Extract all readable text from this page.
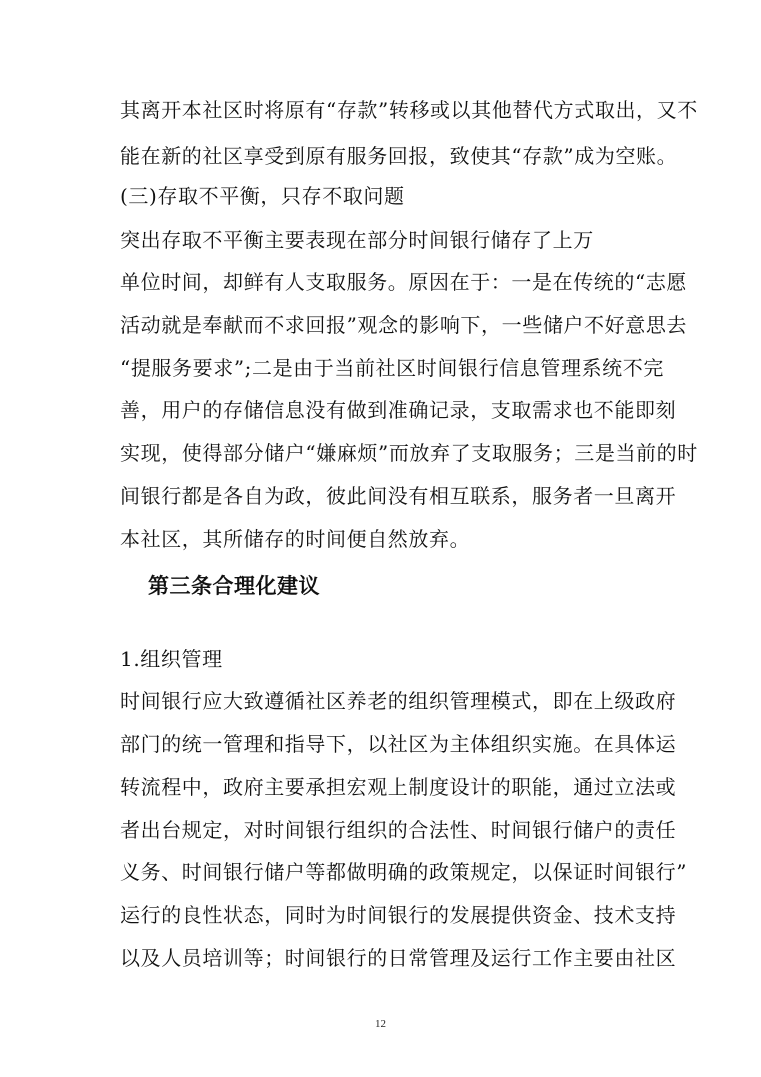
其离开本社区时将原有“存款”转移或以其他替代方式取出，又不
能在新的社区享受到原有服务回报，致使其“存款”成为空账。
(三)存取不平衡，只存不取问题
突出存取不平衡主要表现在部分时间银行储存了上万
单位时间，却鲜有人支取服务。原因在于：一是在传统的“志愿
活动就是奉献而不求回报”观念的影响下，一些储户不好意思去
“提服务要求”;二是由于当前社区时间银行信息管理系统不完
善，用户的存储信息没有做到准确记录，支取需求也不能即刻
实现，使得部分储户“嫌麻烦”而放弃了支取服务；三是当前的时
间银行都是各自为政，彼此间没有相互联系，服务者一旦离开
本社区，其所储存的时间便自然放弃。
第三条合理化建议
1.组织管理
时间银行应大致遵循社区养老的组织管理模式，即在上级政府
部门的统一管理和指导下，以社区为主体组织实施。在具体运
转流程中，政府主要承担宏观上制度设计的职能，通过立法或
者出台规定，对时间银行组织的合法性、时间银行储户的责任
义务、时间银行储户等都做明确的政策规定，以保证时间银行”
运行的良性状态，同时为时间银行的发展提供资金、技术支持
以及人员培训等；时间银行的日常管理及运行工作主要由社区
12
